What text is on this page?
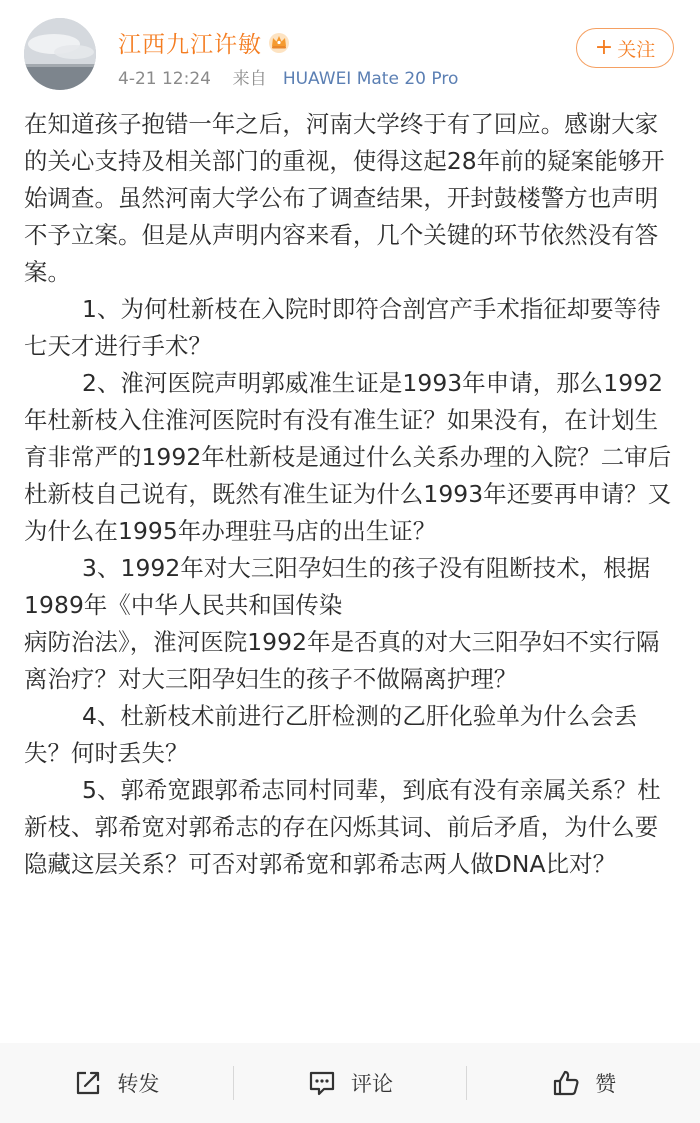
江西九江许敏
4-21 12:24 来自 HUAWEI Mate 20 Pro
+ 关注

在知道孩子抱错一年之后，河南大学终于有了回应。感谢大家的关心支持及相关部门的重视，使得这起28年前的疑案能够开始调查。虽然河南大学公布了调查结果，开封鼓楼警方也声明不予立案。但是从声明内容来看，几个关键的环节依然没有答案。

1、为何杜新枝在入院时即符合剖宫产手术指征却要等待七天才进行手术？

2、淮河医院声明郭威准生证是1993年申请，那么1992年杜新枝入住淮河医院时有没有准生证？如果没有，在计划生育非常严的1992年杜新枝是通过什么关系办理的入院？二审后杜新枝自己说有，既然有准生证为什么1993年还要再申请？又为什么在1995年办理驻马店的出生证？

3、1992年对大三阳孕妇生的孩子没有阻断技术，根据1989年《中华人民共和国传染
病防治法》，淮河医院1992年是否真的对大三阳孕妇不实行隔离治疗？对大三阳孕妇生的孩子不做隔离护理？

4、杜新枝术前进行乙肝检测的乙肝化验单为什么会丢失？何时丢失？

5、郭希宽跟郭希志同村同辈，到底有没有亲属关系？杜新枝、郭希宽对郭希志的存在闪烁其词、前后矛盾，为什么要隐藏这层关系？可否对郭希宽和郭希志两人做DNA比对？

转发	评论	赞
